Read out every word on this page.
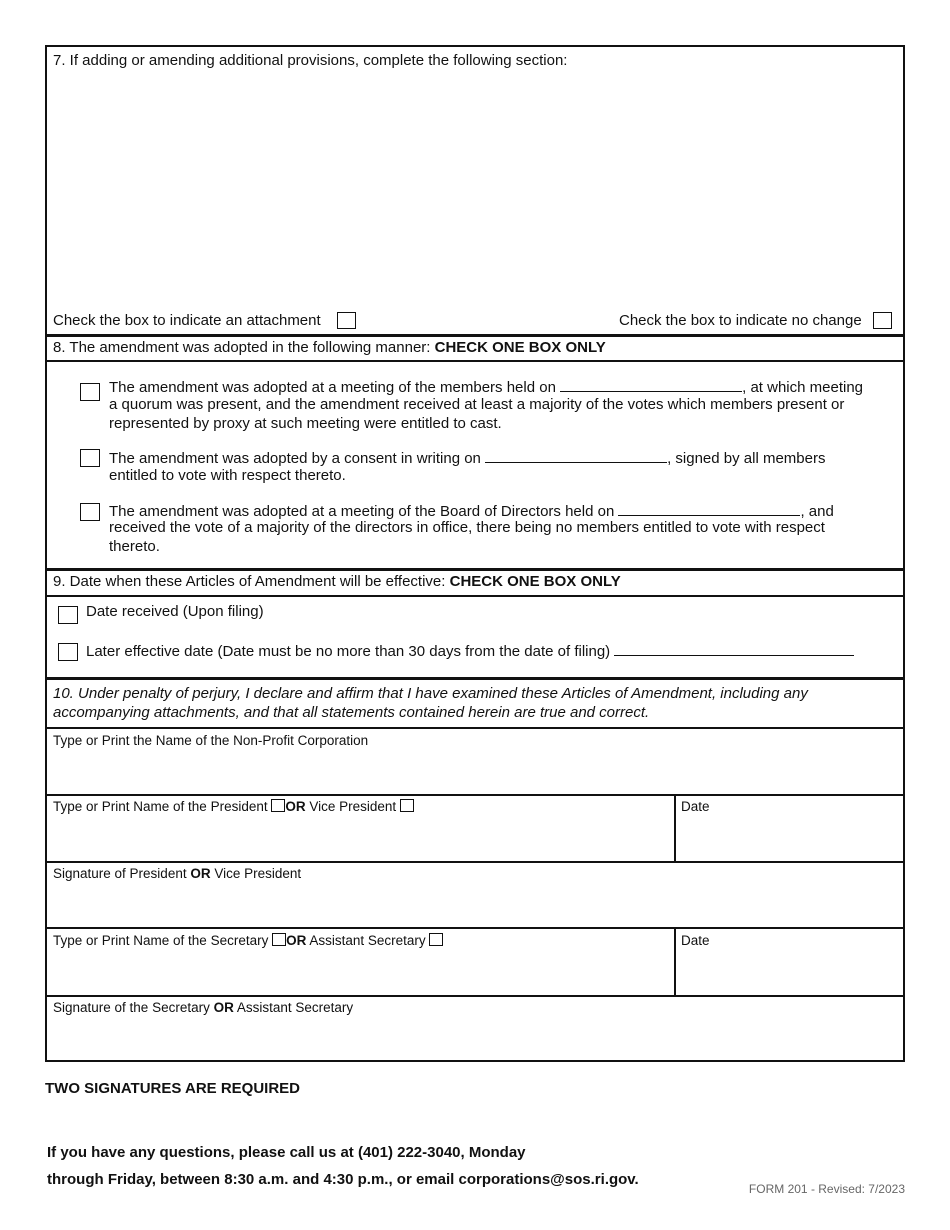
7. If adding or amending additional provisions, complete the following section:
Check the box to indicate an attachment	Check the box to indicate no change
8. The amendment was adopted in the following manner: CHECK ONE BOX ONLY
The amendment was adopted at a meeting of the members held on	, at which meeting
a quorum was present, and the amendment received at least a majority of the votes which members present or represented by proxy at such meeting were entitled to cast.
The amendment was adopted by a consent in writing on	, signed by all members
entitled to vote with respect thereto.
The amendment was adopted at a meeting of the Board of Directors held on	, and
received the vote of a majority of the directors in office, there being no members entitled to vote with respect thereto.
9. Date when these Articles of Amendment will be effective: CHECK ONE BOX ONLY
Date received (Upon filing)
Later effective date (Date must be no more than 30 days from the date of filing)
10. Under penalty of perjury, I declare and affirm that I have examined these Articles of Amendment, including any accompanying attachments, and that all statements contained herein are true and correct.
Type or Print the Name of the Non-Profit Corporation
Type or Print Name of the President OR Vice President	Date
Signature of President OR Vice President
Type or Print Name of the Secretary OR Assistant Secretary	Date
Signature of the Secretary OR Assistant Secretary
TWO SIGNATURES ARE REQUIRED
If you have any questions, please call us at (401) 222-3040, Monday
through Friday, between 8:30 a.m. and 4:30 p.m., or email corporations@sos.ri.gov.
FORM 201 - Revised: 7/2023
